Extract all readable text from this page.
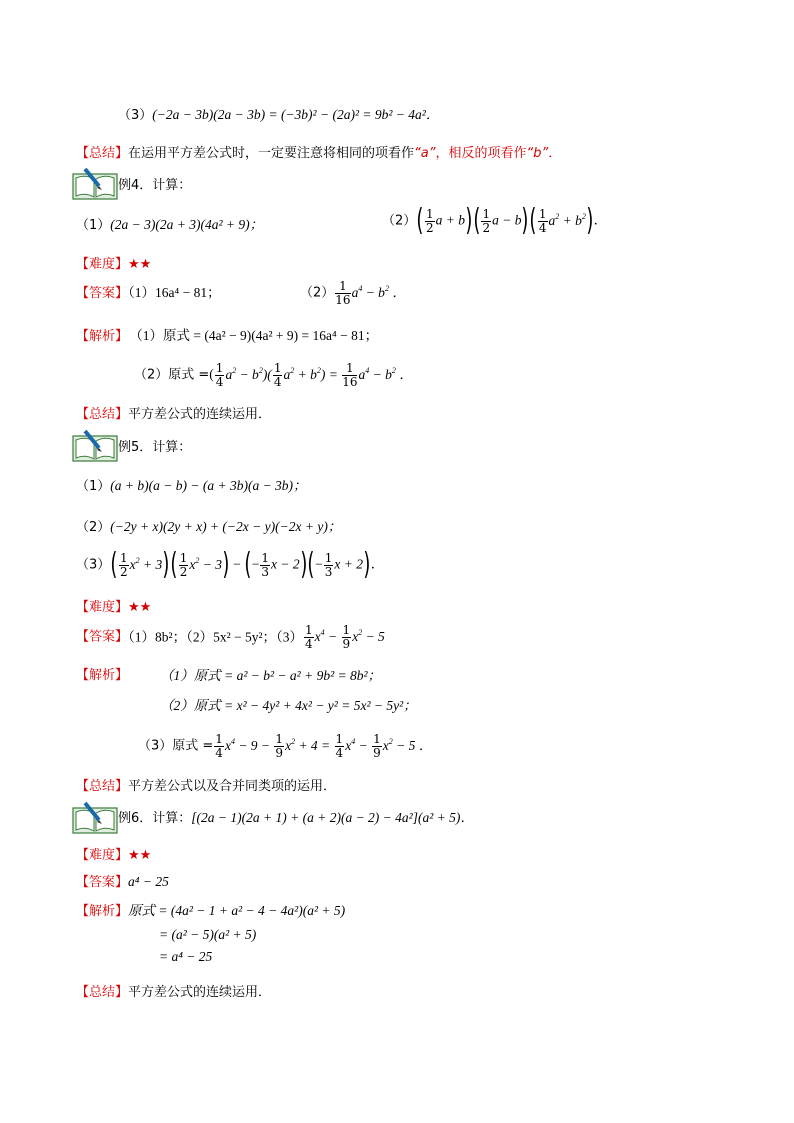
（3）(−2a − 3b)(2a − 3b) = (−3b)² − (2a)² = 9b² − 4a²．
【总结】在运用平方差公式时，一定要注意将相同的项看作“a”，相反的项看作“b”．
例4．计算：
（1）(2a − 3)(2a + 3)(4a² + 9)；	$(2)( \frac{1}{2}$ $a + b)( \frac{1}{2}$ $a - b)( \frac{1}{4} a^2 + b^2)$．
【难度】★★
【答案】（1）16a⁴ − 81；	$(2) \frac{1}{16} a^4 - b^2$ ．
【解析】 （1）原式 = (4a² − 9)(4a² + 9) = 16a⁴ − 81；
（2）原式 =( $\frac{1}{4} a^2 - b^2)( \frac{1}{4} a^2 + b^2) = \frac{1}{16} a^4 - b^2$ ．
【总结】平方差公式的连续运用．
例5．计算：
（1）(a + b)(a − b) − (a + 3b)(a − 3b)；
（2）(−2y + x)(2y + x) + (−2x − y)(−2x + y)；
$(3)( \frac{1}{2} x^2 + 3)( \frac{1}{2} x^2 - 3)$ − (− $\frac{1}{3}$ $x - 2)(- \frac{1}{3}$ x + 2)．
【难度】★★
【答案】（1）8b²；（2）5x² − 5y²；$(3) \frac{1}{4} x^4 - \frac{1}{9} x^2 - 5$
【解析】 （1）原式 = a² − b² − a² + 9b² = 8b²；
（2）原式 = x² − 4y² + 4x² − y² = 5x² − 5y²；
（3）原式 = $\frac{1}{4} x^4 - 9 - \frac{1}{9} x^2 + 4 = \frac{1}{4} x^4 - \frac{1}{9} x^2 - 5$ ．
【总结】平方差公式以及合并同类项的运用．
例6．计算：[(2a − 1)(2a + 1) + (a + 2)(a − 2) − 4a²](a² + 5)．
【难度】★★
【答案】a⁴ − 25
【解析】原式 = (4a² − 1 + a² − 4 − 4a²)(a² + 5)
= (a² − 5)(a² + 5)
= a⁴ − 25
【总结】平方差公式的连续运用．
